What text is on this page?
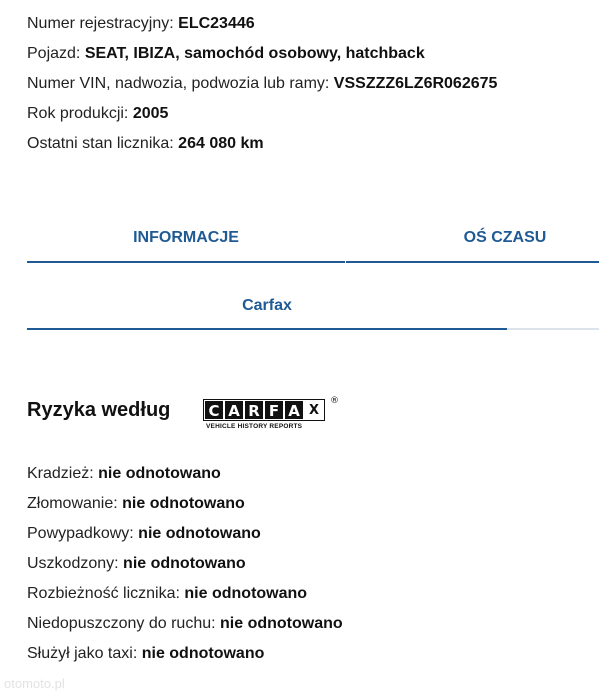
Numer rejestracyjny: ELC23446
Pojazd: SEAT, IBIZA, samochód osobowy, hatchback
Numer VIN, nadwozia, podwozia lub ramy: VSSZZZ6LZ6R062675
Rok produkcji: 2005
Ostatni stan licznika: 264 080 km
INFORMACJE	OŚ CZASU
Carfax
Ryzyka według	C A R F A X
VEHICLE HISTORY REPORTS
®
Kradzież: nie odnotowano
Złomowanie: nie odnotowano
Powypadkowy: nie odnotowano
Uszkodzony: nie odnotowano
Rozbieżność licznika: nie odnotowano
Niedopuszczony do ruchu: nie odnotowano
Służył jako taxi: nie odnotowano
otomoto.pl
